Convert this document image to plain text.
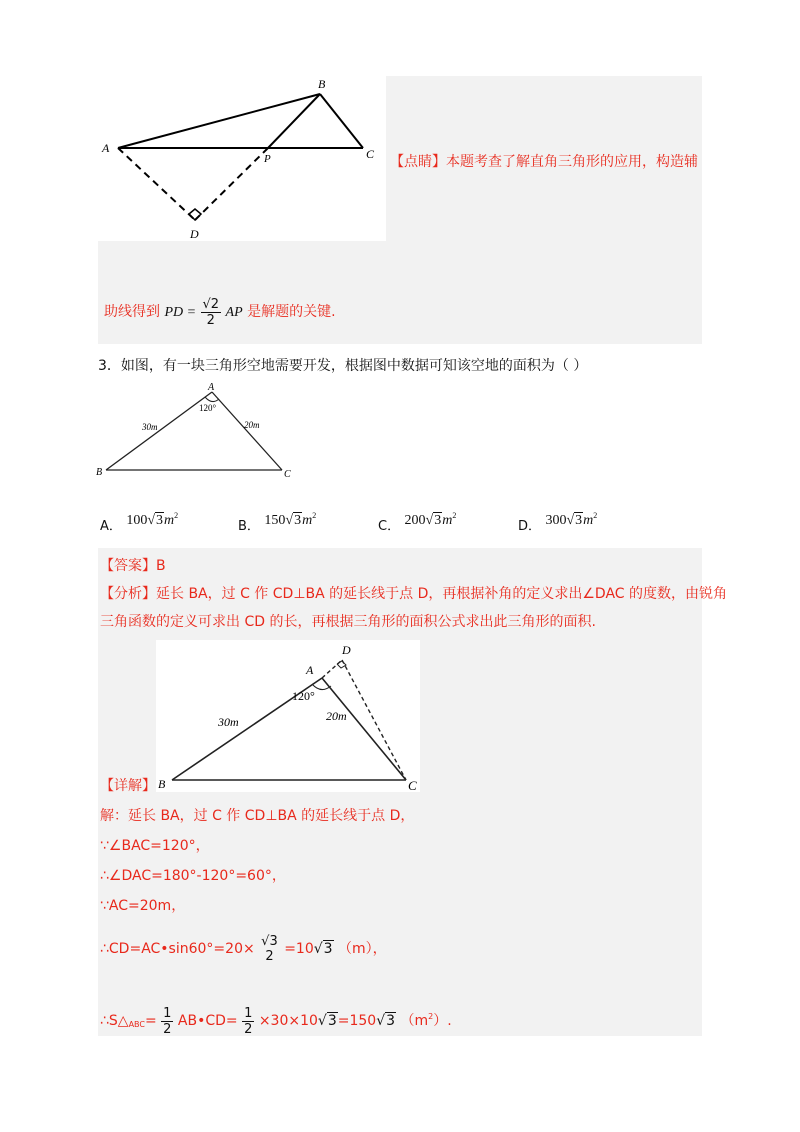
A
B
C
P
D
【点睛】本题考查了解直角三角形的应用，构造辅
助线得到 PD = $\frac{√2}{2}$ AP 是解题的关键.
3．如图，有一块三角形空地需要开发，根据图中数据可知该空地的面积为（ ）
A
B	C
120°
30m	20m
A． $100√3m^2$
B． $150√3m^2$
C． $200√3m^2$
D． $300√3m^2$
【答案】B
【分析】延长 BA，过 C 作 CD⊥BA 的延长线于点 D，再根据补角的定义求出∠DAC 的度数，由锐角
三角函数的定义可求出 CD 的长，再根据三角形的面积公式求出此三角形的面积.
A
D
B	C
120°
30m	20m
【详解】
解：延长 BA，过 C 作 CD⊥BA 的延长线于点 D，
∵∠BAC=120°，
∴∠DAC=180°-120°=60°，
∵AC=20m，
∴CD=AC•sin60°=20× √3
2 =10√3 （m），
$\therefore S\triangle_{ABC}= \frac{1}{2}$ AB•CD= $\frac{1}{2} \times 30\times 10√3=150√3$ $(m^2)$.
